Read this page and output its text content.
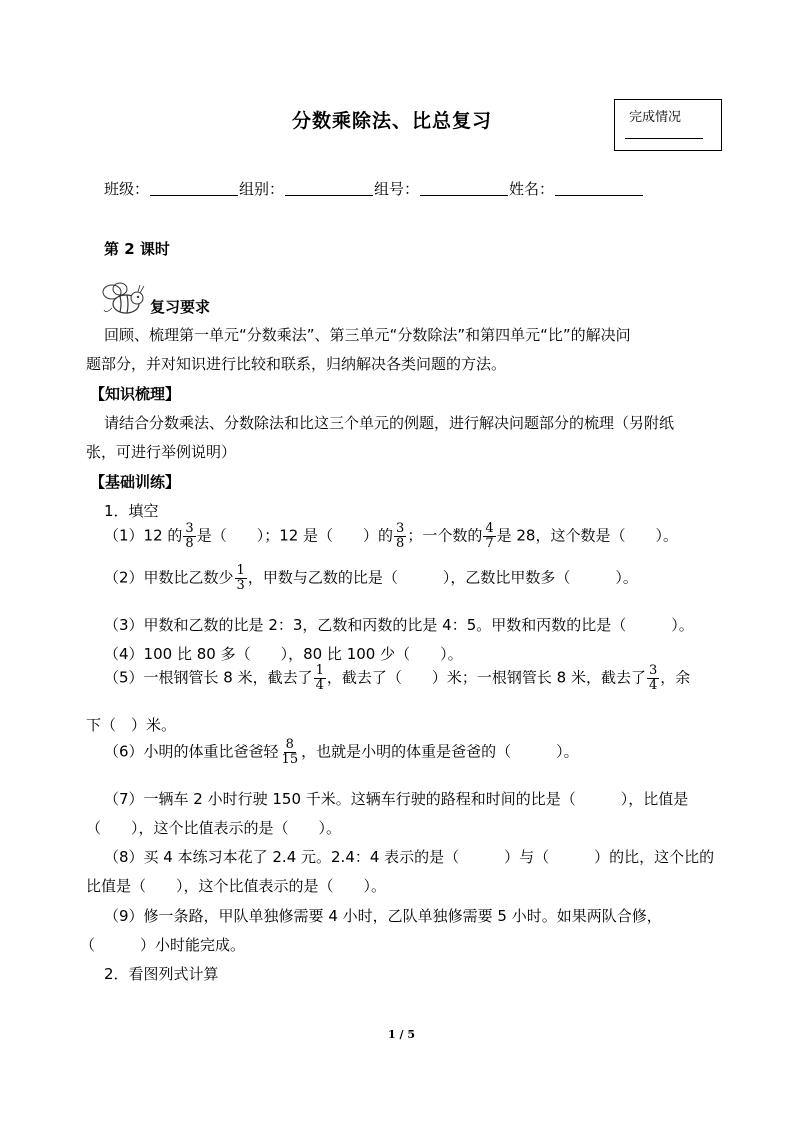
分数乘除法、比总复习	完成情况
班级：	组别：	组号：	姓名：
第 2 课时
复习要求
回顾、梳理第一单元“分数乘法”、第三单元“分数除法”和第四单元“比”的解决问
题部分，并对知识进行比较和联系，归纳解决各类问题的方法。
【知识梳理】
请结合分数乘法、分数除法和比这三个单元的例题，进行解决问题部分的梳理（另附纸
张，可进行举例说明）
【基础训练】
1．填空
（1）12 的 $\frac{3}{8}$ 是（　　）；12 是（　　）的 $\frac{3}{8}$ ；一个数的 $\frac{4}{7}$ 是 28，这个数是（　　）。
（2）甲数比乙数少 $\frac{1}{3}$ ，甲数与乙数的比是（　　　），乙数比甲数多（　　　）。
（3）甲数和乙数的比是 2：3，乙数和丙数的比是 4：5。甲数和丙数的比是（　　　）。
（4）100 比 80 多（　　），80 比 100 少（　　）。
（5）一根钢管长 8 米，截去了 $\frac{1}{4}$ ，截去了（　　）米；一根钢管长 8 米，截去了 $\frac{3}{4}$ ，余
下（　）米。
（6）小明的体重比爸爸轻 $\frac{8}{15}$ ，也就是小明的体重是爸爸的（　　　）。
（7）一辆车 2 小时行驶 150 千米。这辆车行驶的路程和时间的比是（　　　），比值是
（　　），这个比值表示的是（　　）。
（8）买 4 本练习本花了 2.4 元。2.4：4 表示的是（　　　）与（　　　）的比，这个比的
比值是（　　），这个比值表示的是（　　）。
（9）修一条路，甲队单独修需要 4 小时，乙队单独修需要 5 小时。如果两队合修，
（　　　）小时能完成。
2．看图列式计算
1 / 5
